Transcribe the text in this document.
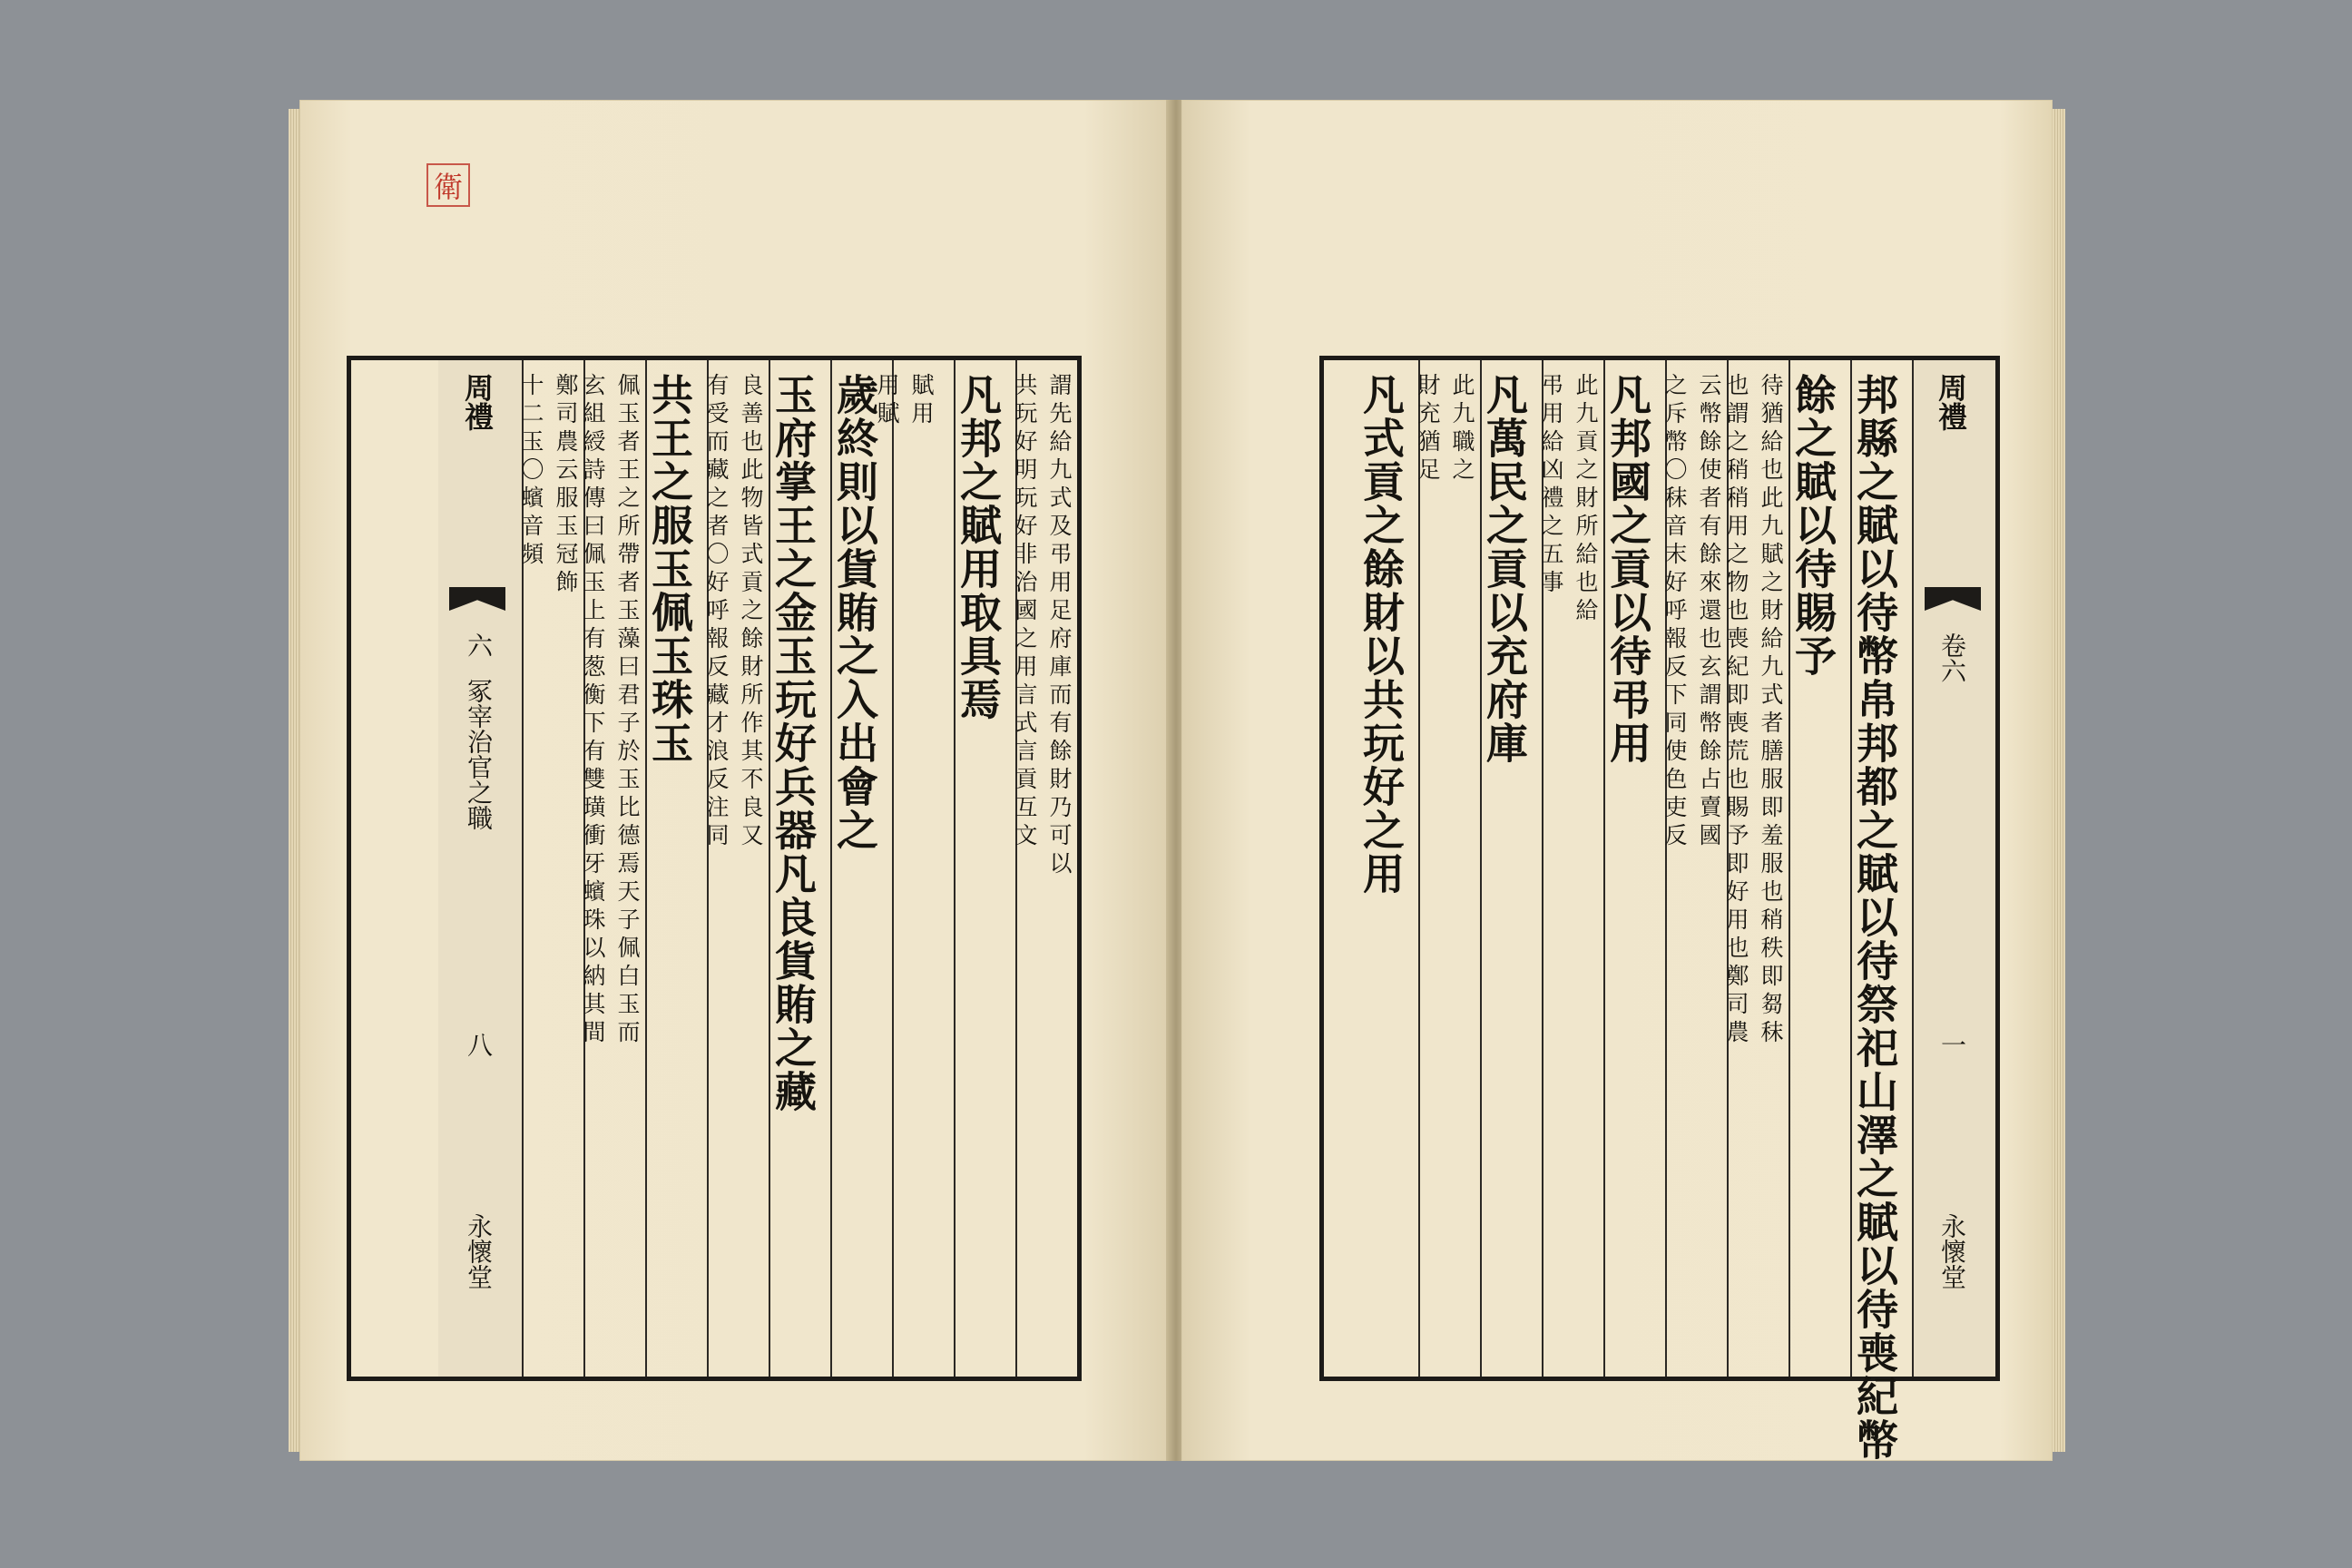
衛
謂先給九式及弔用足府庫而有餘財乃可以
共玩好明玩好非治國之用言式言貢互文
凡邦之賦用取具焉
賦用
用賦
歲終則以貨賄之入出會之
玉府掌王之金玉玩好兵器凡良貨賄之藏
良善也此物皆式貢之餘財所作其不良又
有受而藏之者〇好呼報反藏才浪反注同
共王之服玉佩玉珠玉
佩玉者王之所帶者玉藻曰君子於玉比德焉天子佩白玉而
玄組綬詩傳曰佩玉上有葱衡下有雙璜衝牙蠙珠以納其間
鄭司農云服玉冠飾
十二玉〇蠙音頻
周禮
六
冢宰治官之職
八
永懷堂
周禮
卷六
一
永懷堂
邦縣之賦以待幣帛邦都之賦以待祭祀山澤之賦以待喪紀幣
餘之賦以待賜予
待猶給也此九賦之財給九式者膳服即羞服也稍秩即芻秣
也謂之稍稍用之物也喪紀即喪荒也賜予即好用也鄭司農
云幣餘使者有餘來還也玄謂幣餘占賣國
之斥幣〇秣音末好呼報反下同使色吏反
凡邦國之貢以待弔用
此九貢之財所給也給
弔用給凶禮之五事
凡萬民之貢以充府庫
此九職之
財充猶足
凡式貢之餘財以共玩好之用
